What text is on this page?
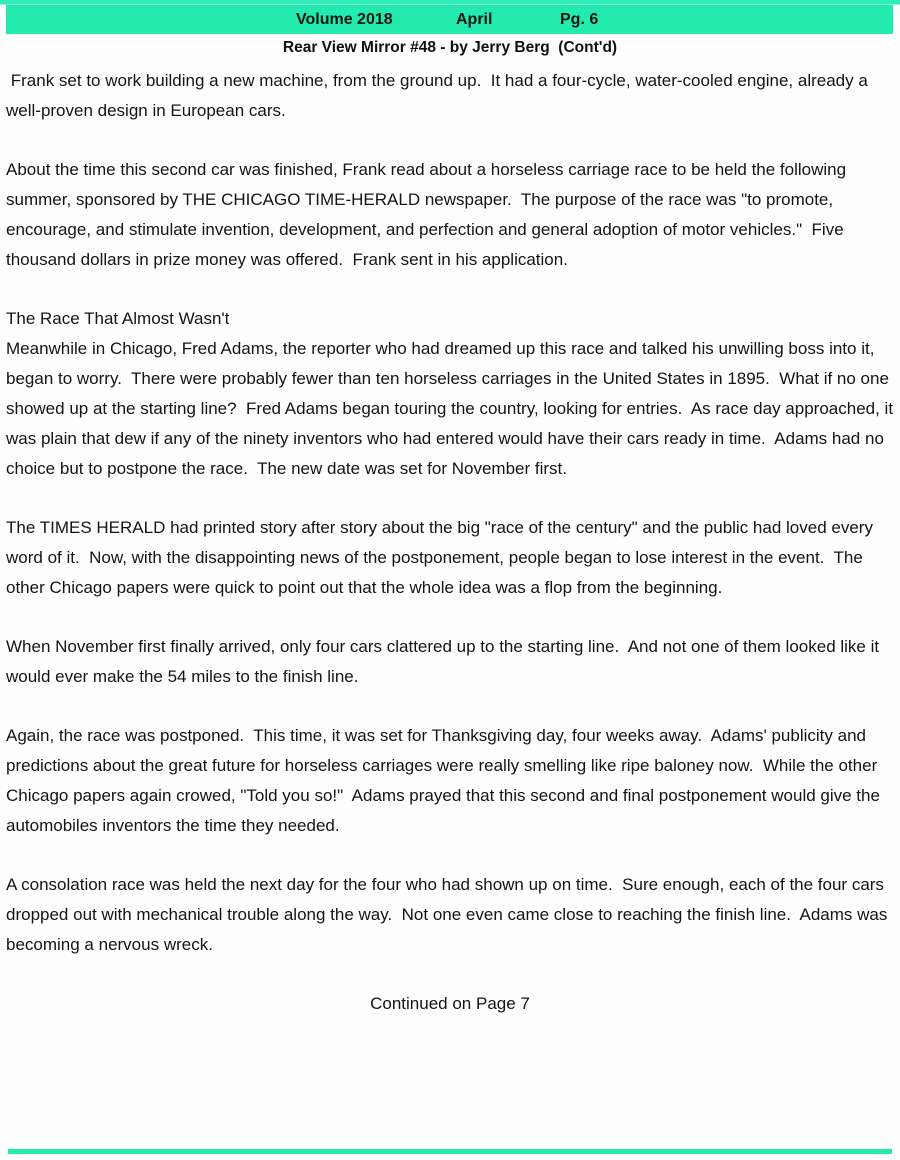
Volume 2018	April	Pg. 6
Rear View Mirror #48 - by Jerry Berg  (Cont'd)

Frank set to work building a new machine, from the ground up.  It had a four-cycle, water-cooled engine, already a well-proven design in European cars.

About the time this second car was finished, Frank read about a horseless carriage race to be held the following summer, sponsored by THE CHICAGO TIME-HERALD newspaper.  The purpose of the race was "to promote, encourage, and stimulate invention, development, and perfection and general adoption of motor vehicles."  Five thousand dollars in prize money was offered.  Frank sent in his application.

The Race That Almost Wasn't

Meanwhile in Chicago, Fred Adams, the reporter who had dreamed up this race and talked his unwilling boss into it, began to worry.  There were probably fewer than ten horseless carriages in the United States in 1895.  What if no one showed up at the starting line?  Fred Adams began touring the country, looking for entries.  As race day approached, it was plain that dew if any of the ninety inventors who had entered would have their cars ready in time.  Adams had no choice but to postpone the race.  The new date was set for November first.

The TIMES HERALD had printed story after story about the big "race of the century" and the public had loved every word of it.  Now, with the disappointing news of the postponement, people began to lose interest in the event.  The other Chicago papers were quick to point out that the whole idea was a flop from the beginning.

When November first finally arrived, only four cars clattered up to the starting line.  And not one of them looked like it would ever make the 54 miles to the finish line.

Again, the race was postponed.  This time, it was set for Thanksgiving day, four weeks away.  Adams' publicity and predictions about the great future for horseless carriages were really smelling like ripe baloney now.  While the other Chicago papers again crowed, "Told you so!"  Adams prayed that this second and final postponement would give the automobiles inventors the time they needed.

A consolation race was held the next day for the four who had shown up on time.  Sure enough, each of the four cars dropped out with mechanical trouble along the way.  Not one even came close to reaching the finish line.  Adams was becoming a nervous wreck.

Continued on Page 7
